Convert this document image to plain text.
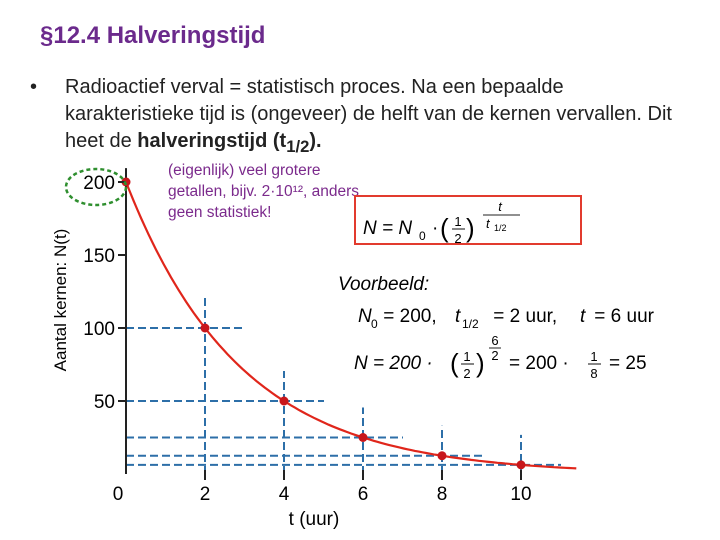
§12.4 Halveringstijd
• Radioactief verval = statistisch proces. Na een bepaalde karakteristieke tijd is (ongeveer) de helft van de kernen vervallen. Dit heet de halveringstijd $(t_{1/2})$.
(eigenlijk) veel grotere getallen, bijv. 2·10¹², anders geen statistiek!
0	2	4	6	8	10
50
100
150
200
t (uur)
Aantal kernen: N(t)
N = N 0 · ( 1
2 )
t
t 1/2
Voorbeeld:
N 0 = 200, t 1/2 = 2 uur, t = 6 uur
N = 200 · ( 1
2 )
6
2 = 200 · 1
8 = 25
